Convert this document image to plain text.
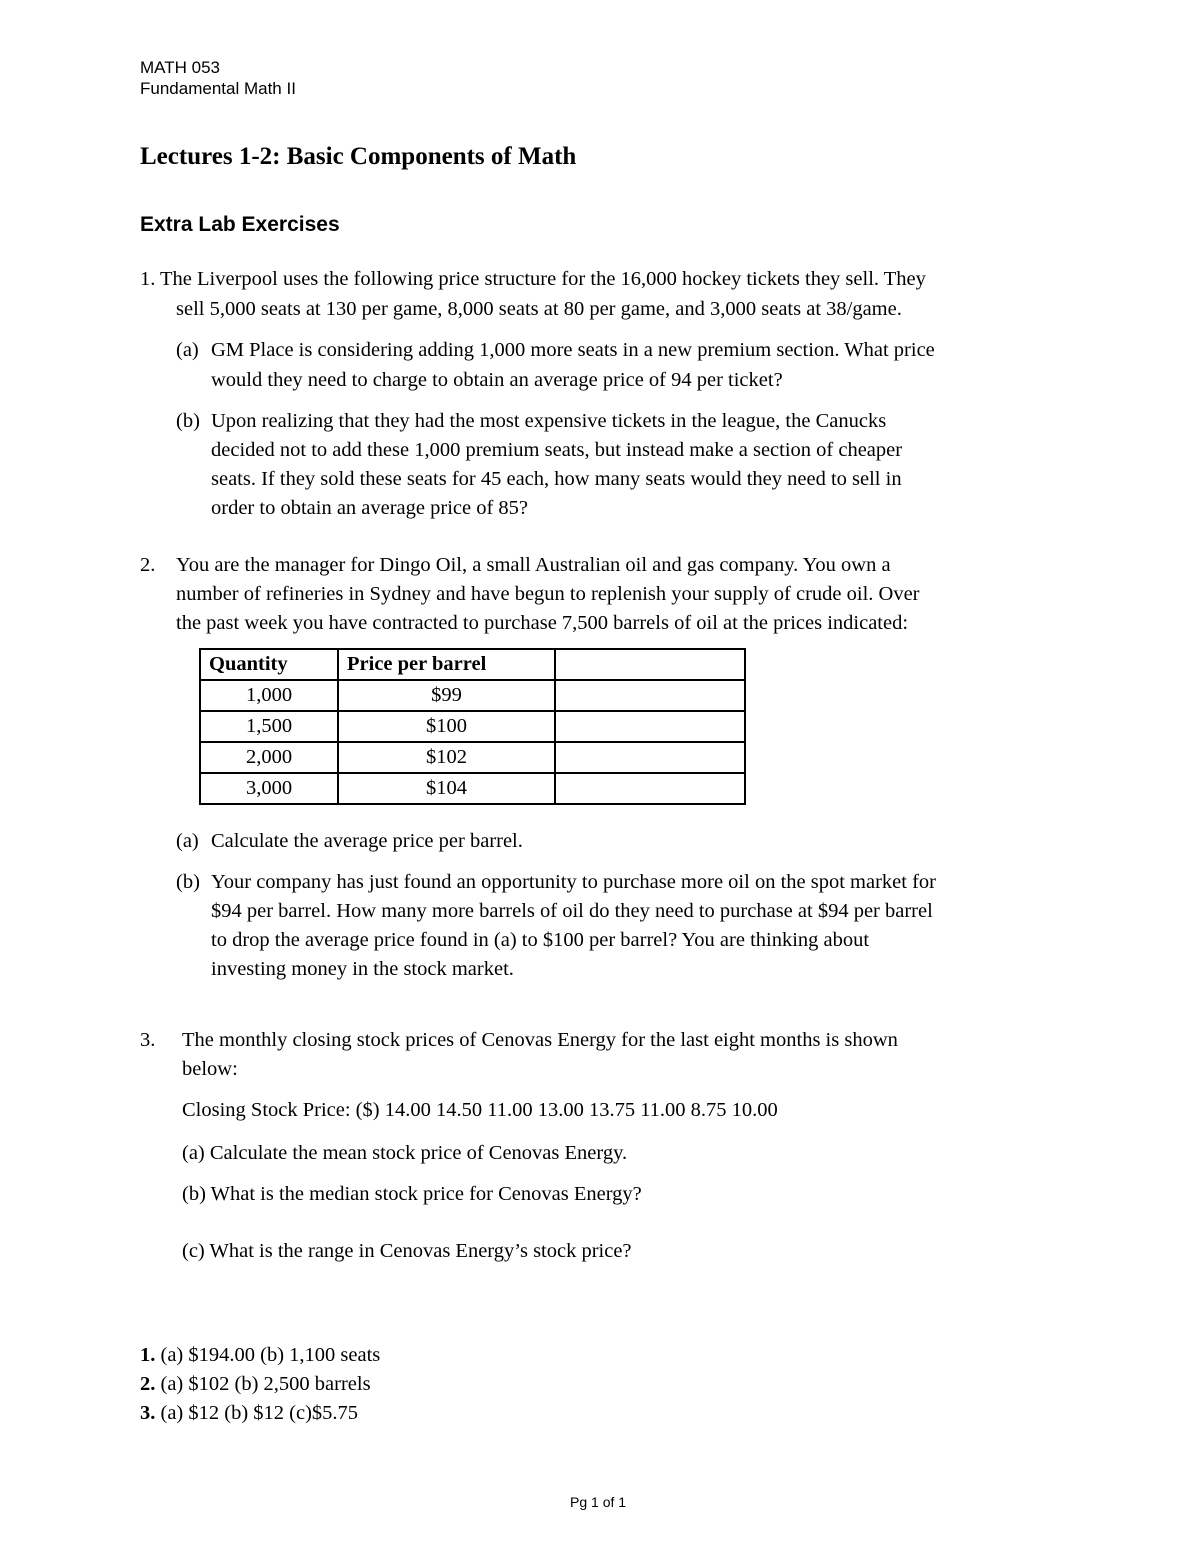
MATH 053
Fundamental Math II
Lectures 1-2: Basic Components of Math
Extra Lab Exercises
1. The Liverpool uses the following price structure for the 16,000 hockey tickets they sell. They
sell 5,000 seats at 130 per game, 8,000 seats at 80 per game, and 3,000 seats at 38/game.
(a) GM Place is considering adding 1,000 more seats in a new premium section. What price
would they need to charge to obtain an average price of 94 per ticket?
(b) Upon realizing that they had the most expensive tickets in the league, the Canucks
decided not to add these 1,000 premium seats, but instead make a section of cheaper
seats. If they sold these seats for 45 each, how many seats would they need to sell in
order to obtain an average price of 85?
2. You are the manager for Dingo Oil, a small Australian oil and gas company. You own a
number of refineries in Sydney and have begun to replenish your supply of crude oil. Over
the past week you have contracted to purchase 7,500 barrels of oil at the prices indicated:
Quantity	Price per barrel	
1,000	$99	
1,500	$100	
2,000	$102	
3,000	$104	
(a) Calculate the average price per barrel.
(b) Your company has just found an opportunity to purchase more oil on the spot market for
$94 per barrel. How many more barrels of oil do they need to purchase at $94 per barrel
to drop the average price found in (a) to $100 per barrel? You are thinking about
investing money in the stock market.
3. The monthly closing stock prices of Cenovas Energy for the last eight months is shown
below:
Closing Stock Price: ($) 14.00 14.50 11.00 13.00 13.75 11.00 8.75 10.00
(a) Calculate the mean stock price of Cenovas Energy.
(b) What is the median stock price for Cenovas Energy?
(c) What is the range in Cenovas Energy’s stock price?
1. (a) $194.00 (b) 1,100 seats
2. (a) $102 (b) 2,500 barrels
3. (a) $12 (b) $12 (c)$5.75
Pg 1 of 1
